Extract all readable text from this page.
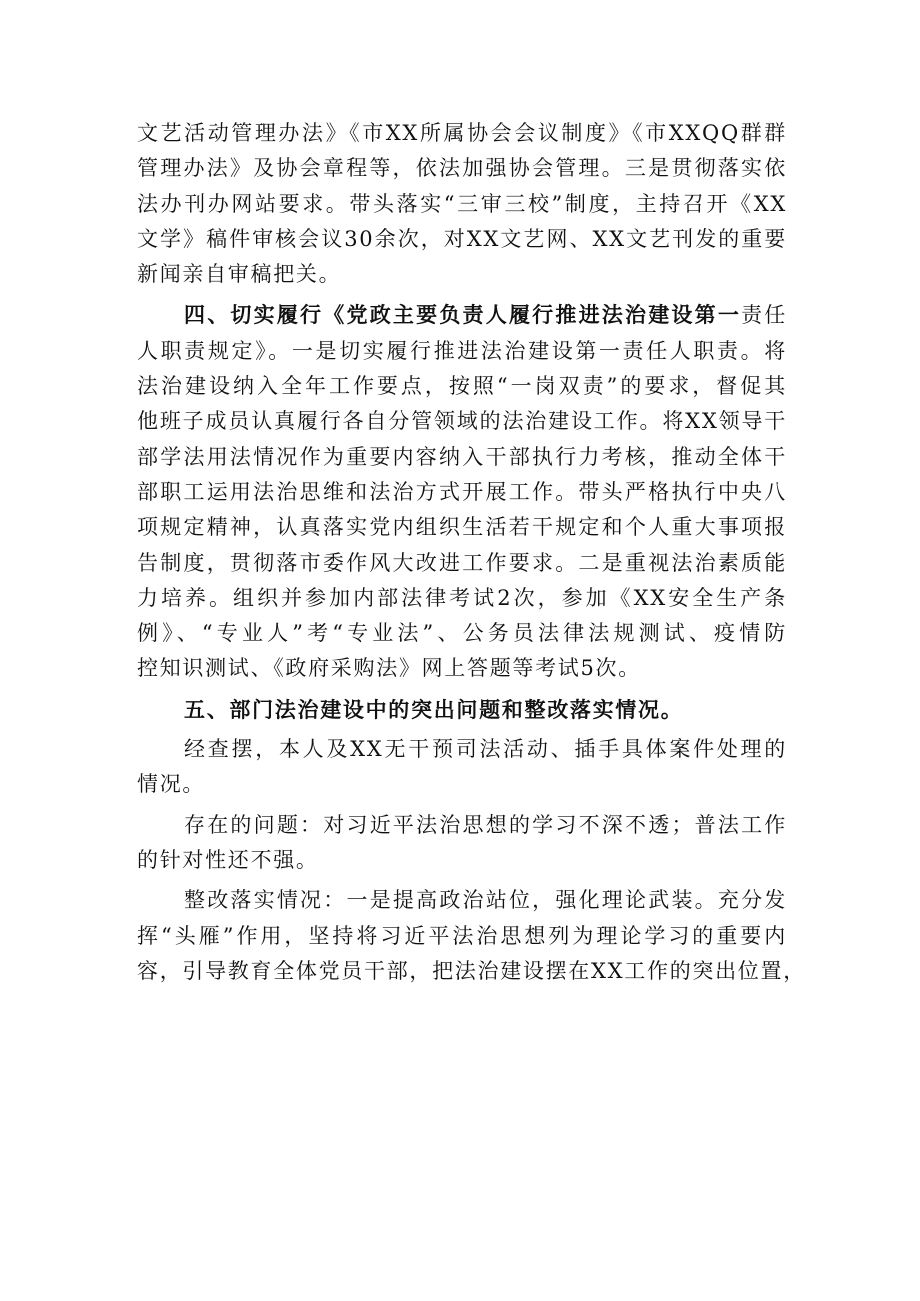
文艺活动管理办法》《市XX所属协会会议制度》《市XXQQ群群
管理办法》及协会章程等，依法加强协会管理。三是贯彻落实依
法办刊办网站要求。带头落实“三审三校”制度，主持召开《XX
文学》稿件审核会议30余次，对XX文艺网、XX文艺刊发的重要
新闻亲自审稿把关。

四、切实履行《党政主要负责人履行推进法治建设第一责任
人职责规定》。一是切实履行推进法治建设第一责任人职责。将
法治建设纳入全年工作要点，按照“一岗双责”的要求，督促其
他班子成员认真履行各自分管领域的法治建设工作。将XX领导干
部学法用法情况作为重要内容纳入干部执行力考核，推动全体干
部职工运用法治思维和法治方式开展工作。带头严格执行中央八
项规定精神，认真落实党内组织生活若干规定和个人重大事项报
告制度，贯彻落市委作风大改进工作要求。二是重视法治素质能
力培养。组织并参加内部法律考试2次，参加《XX安全生产条
例》、“专业人”考“专业法”、公务员法律法规测试、疫情防
控知识测试、《政府采购法》网上答题等考试5次。

五、部门法治建设中的突出问题和整改落实情况。

经查摆，本人及XX无干预司法活动、插手具体案件处理的
情况。

存在的问题：对习近平法治思想的学习不深不透；普法工作
的针对性还不强。

整改落实情况：一是提高政治站位，强化理论武装。充分发
挥“头雁”作用，坚持将习近平法治思想列为理论学习的重要内
容，引导教育全体党员干部，把法治建设摆在XX工作的突出位置，
